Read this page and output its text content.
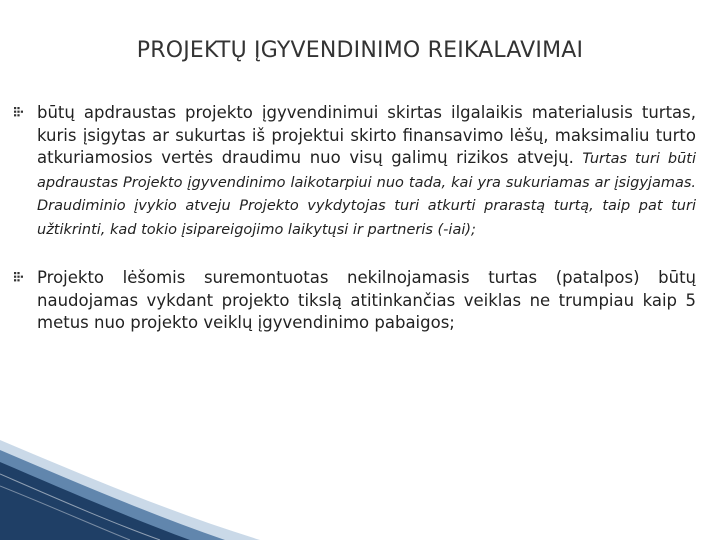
PROJEKTŲ ĮGYVENDINIMO REIKALAVIMAI
būtų apdraustas projekto įgyvendinimui skirtas ilgalaikis materialusis turtas, kuris įsigytas ar sukurtas iš projektui skirto finansavimo lėšų, maksimaliu turto atkuriamosios vertės draudimu nuo visų galimų rizikos atvejų. Turtas turi būti apdraustas Projekto įgyvendinimo laikotarpiui nuo tada, kai yra sukuriamas ar įsigyjamas. Draudiminio įvykio atveju Projekto vykdytojas turi atkurti prarastą turtą, taip pat turi užtikrinti, kad tokio įsipareigojimo laikytųsi ir partneris (-iai);
Projekto lėšomis suremontuotas nekilnojamasis turtas (patalpos) būtų naudojamas vykdant projekto tikslą atitinkančias veiklas ne trumpiau kaip 5 metus nuo projekto veiklų įgyvendinimo pabaigos;
